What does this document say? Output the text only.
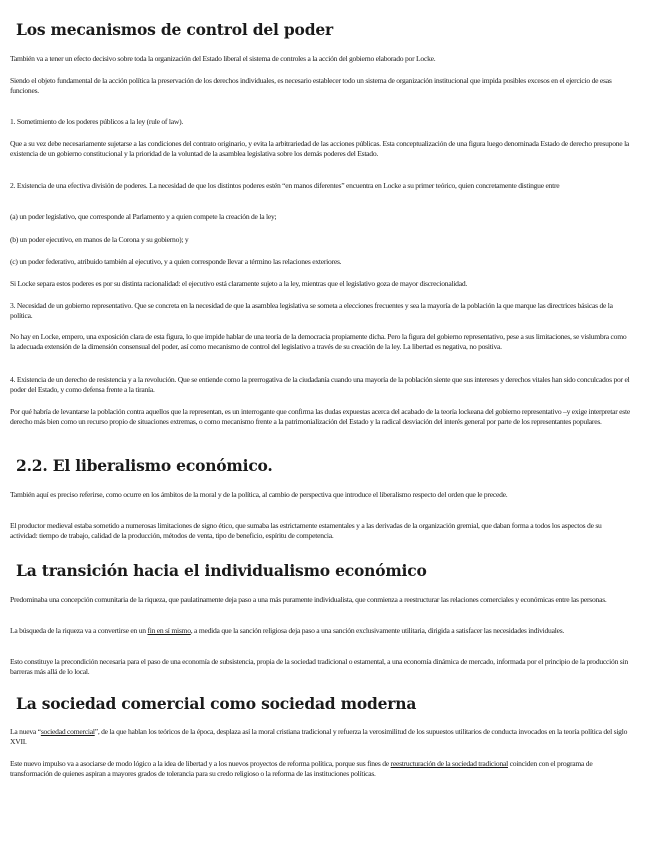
Los mecanismos de control del poder

También va a tener un efecto decisivo sobre toda la organización del Estado liberal el sistema de controles a la acción del gobierno elaborado por Locke.

Siendo el objeto fundamental de la acción política la preservación de los derechos individuales, es necesario establecer todo un sistema de organización institucional que impida posibles excesos en el ejercicio de esas funciones.

1. Sometimiento de los poderes públicos a la ley (rule of law).

Que a su vez debe necesariamente sujetarse a las condiciones del contrato originario, y evita la arbitrariedad de las acciones públicas. Esta conceptualización de una figura luego denominada Estado de derecho presupone la existencia de un gobierno constitucional y la prioridad de la voluntad de la asamblea legislativa sobre los demás poderes del Estado.

2. Existencia de una efectiva división de poderes. La necesidad de que los distintos poderes estén “en manos diferentes” encuentra en Locke a su primer teórico, quien concretamente distingue entre

(a) un poder legislativo, que corresponde al Parlamento y a quien compete la creación de la ley;

(b) un poder ejecutivo, en manos de la Corona y su gobierno); y

(c) un poder federativo, atribuido también al ejecutivo, y a quien corresponde llevar a término las relaciones exteriores.

Si Locke separa estos poderes es por su distinta racionalidad: el ejecutivo está claramente sujeto a la ley, mientras que el legislativo goza de mayor discrecionalidad.

3. Necesidad de un gobierno representativo. Que se concreta en la necesidad de que la asamblea legislativa se someta a elecciones frecuentes y sea la mayoría de la población la que marque las directrices básicas de la política.

No hay en Locke, empero, una exposición clara de esta figura, lo que impide hablar de una teoría de la democracia propiamente dicha. Pero la figura del gobierno representativo, pese a sus limitaciones, se vislumbra como la adecuada extensión de la dimensión consensual del poder, así como mecanismo de control del legislativo a través de su creación de la ley. La libertad es negativa, no positiva.

4. Existencia de un derecho de resistencia y a la revolución. Que se entiende como la prerrogativa de la ciudadanía cuando una mayoría de la población siente que sus intereses y derechos vitales han sido conculcados por el poder del Estado, y como defensa frente a la tiranía.

Por qué habría de levantarse la población contra aquellos que la representan, es un interrogante que confirma las dudas expuestas acerca del acabado de la teoría lockeana del gobierno representativo –y exige interpretar este derecho más bien como un recurso propio de situaciones extremas, o como mecanismo frente a la patrimonialización del Estado y la radical desviación del interés general por parte de los representantes populares.

2.2. El liberalismo económico.

También aquí es preciso referirse, como ocurre en los ámbitos de la moral y de la política, al cambio de perspectiva que introduce el liberalismo respecto del orden que le precede.

El productor medieval estaba sometido a numerosas limitaciones de signo ético, que sumaba las estrictamente estamentales y a las derivadas de la organización gremial, que daban forma a todos los aspectos de su actividad: tiempo de trabajo, calidad de la producción, métodos de venta, tipo de beneficio, espíritu de competencia.

La transición hacia el individualismo económico

Predominaba una concepción comunitaria de la riqueza, que paulatinamente deja paso a una más puramente individualista, que conmienza a reestructurar las relaciones comerciales y económicas entre las personas.

La búsqueda de la riqueza va a convertirse en un fin en sí mismo, a medida que la sanción religiosa deja paso a una sanción exclusivamente utilitaria, dirigida a satisfacer las necesidades individuales.

Esto constituye la precondición necesaria para el paso de una economía de subsistencia, propia de la sociedad tradicional o estamental, a una economía dinámica de mercado, informada por el principio de la producción sin barreras más allá de lo local.

La sociedad comercial como sociedad moderna

La nueva “sociedad comercial”, de la que hablan los teóricos de la época, desplaza así la moral cristiana tradicional y refuerza la verosimilitud de los supuestos utilitarios de conducta invocados en la teoría política del siglo XVII.

Este nuevo impulso va a asociarse de modo lógico a la idea de libertad y a los nuevos proyectos de reforma política, porque sus fines de reestructuración de la sociedad tradicional coinciden con el programa de transformación de quienes aspiran a mayores grados de tolerancia para su credo religioso o la reforma de las instituciones políticas.
